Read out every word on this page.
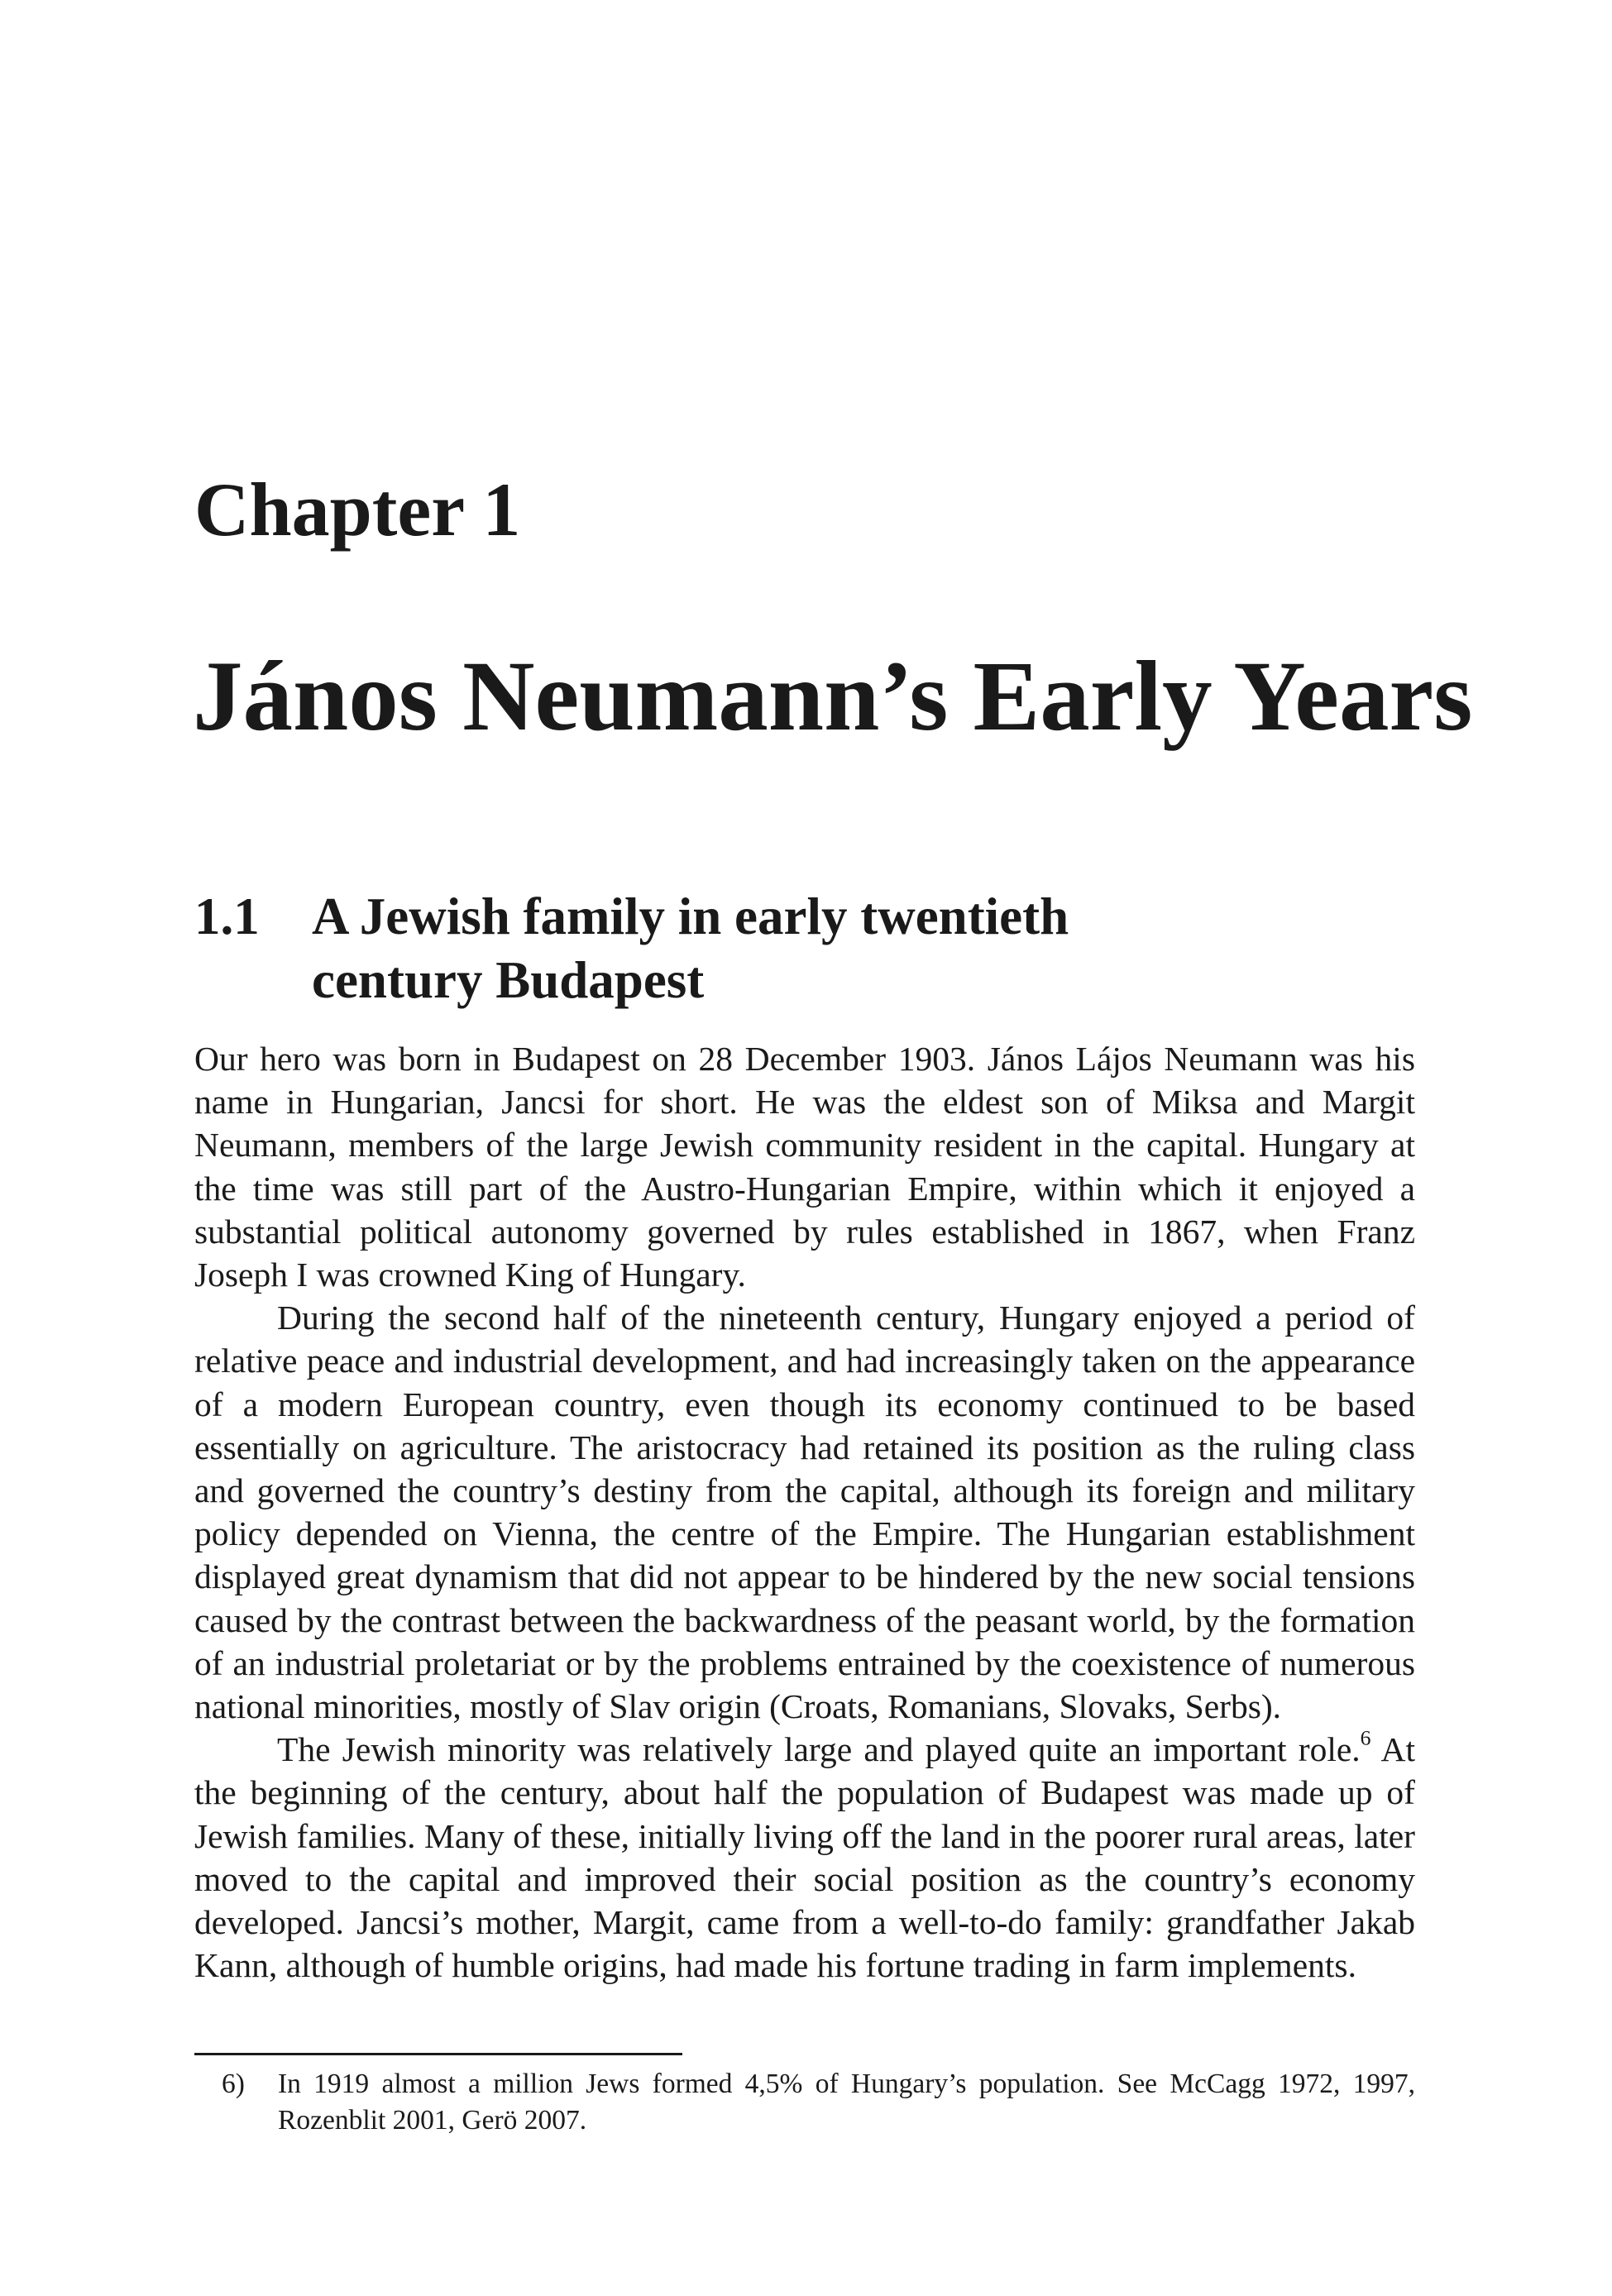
Chapter 1
János Neumann’s Early Years
1.1 A Jewish family in early twentieth
century Budapest

Our hero was born in Budapest on 28 December 1903. János Lájos Neumann was his name in Hungarian, Jancsi for short. He was the eldest son of Miksa and Margit Neumann, members of the large Jewish community resident in the capital. Hungary at the time was still part of the Austro-Hungarian Empire, within which it enjoyed a substantial political autonomy governed by rules established in 1867, when Franz Joseph I was crowned King of Hungary.

During the second half of the nineteenth century, Hungary enjoyed a period of relative peace and industrial development, and had increasingly taken on the appearance of a modern European country, even though its economy continued to be based essentially on agriculture. The aristocracy had retained its position as the ruling class and governed the country’s destiny from the capital, although its foreign and military policy depended on Vienna, the centre of the Empire. The Hungarian establishment displayed great dynamism that did not appear to be hindered by the new social tensions caused by the contrast between the backwardness of the peasant world, by the formation of an industrial proletariat or by the problems entrained by the coexistence of numerous national minorities, mostly of Slav origin (Croats, Romanians, Slovaks, Serbs).

The Jewish minority was relatively large and played quite an important role.$^6$ At the beginning of the century, about half the population of Budapest was made up of Jewish families. Many of these, initially living off the land in the poorer rural areas, later moved to the capital and improved their social position as the country’s economy developed. Jancsi’s mother, Margit, came from a well-to-do family: grandfather Jakab Kann, although of humble origins, had made his fortune trading in farm implements.

6) In 1919 almost a million Jews formed 4,5% of Hungary’s population. See McCagg 1972, 1997, Rozenblit 2001, Gerö 2007.
